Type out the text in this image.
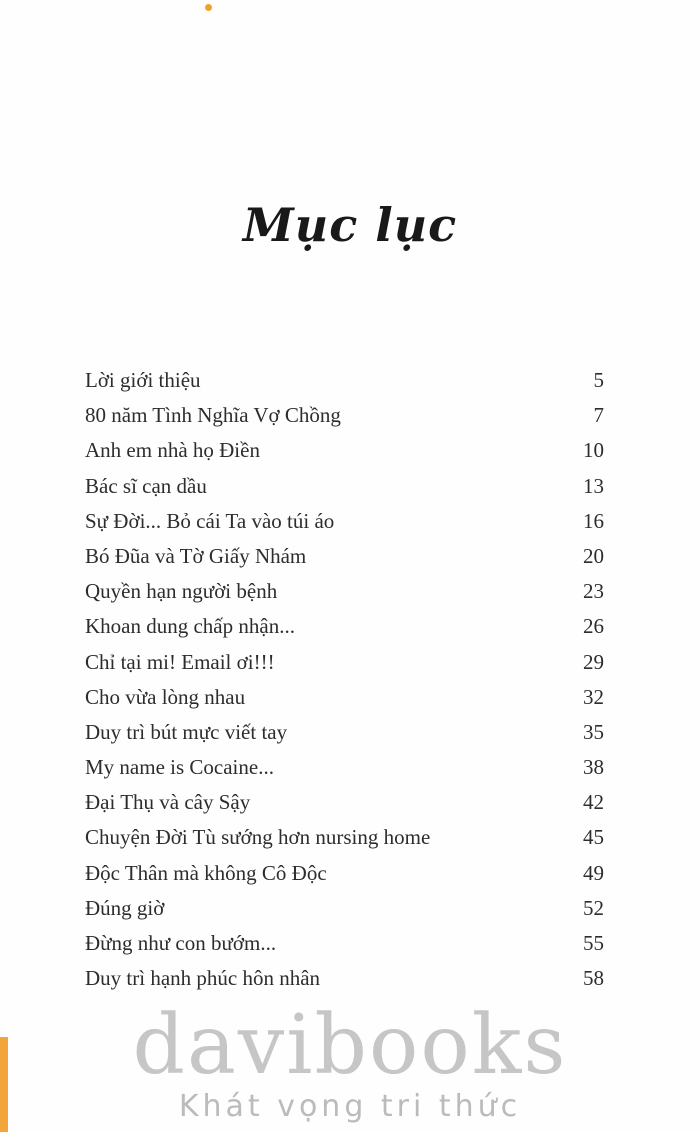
Mục lục
Lời giới thiệu	5
80 năm Tình Nghĩa Vợ Chồng	7
Anh em nhà họ Điền	10
Bác sĩ cạn dầu	13
Sự Đời... Bỏ cái Ta vào túi áo	16
Bó Đũa và Tờ Giấy Nhám	20
Quyền hạn người bệnh	23
Khoan dung chấp nhận...	26
Chỉ tại mi! Email ơi!!!	29
Cho vừa lòng nhau	32
Duy trì bút mực viết tay	35
My name is Cocaine...	38
Đại Thụ và cây Sậy	42
Chuyện Đời Tù sướng hơn nursing home	45
Độc Thân mà không Cô Độc	49
Đúng giờ	52
Đừng như con bướm...	55
Duy trì hạnh phúc hôn nhân	58
davibooks
Khát vọng tri thức
